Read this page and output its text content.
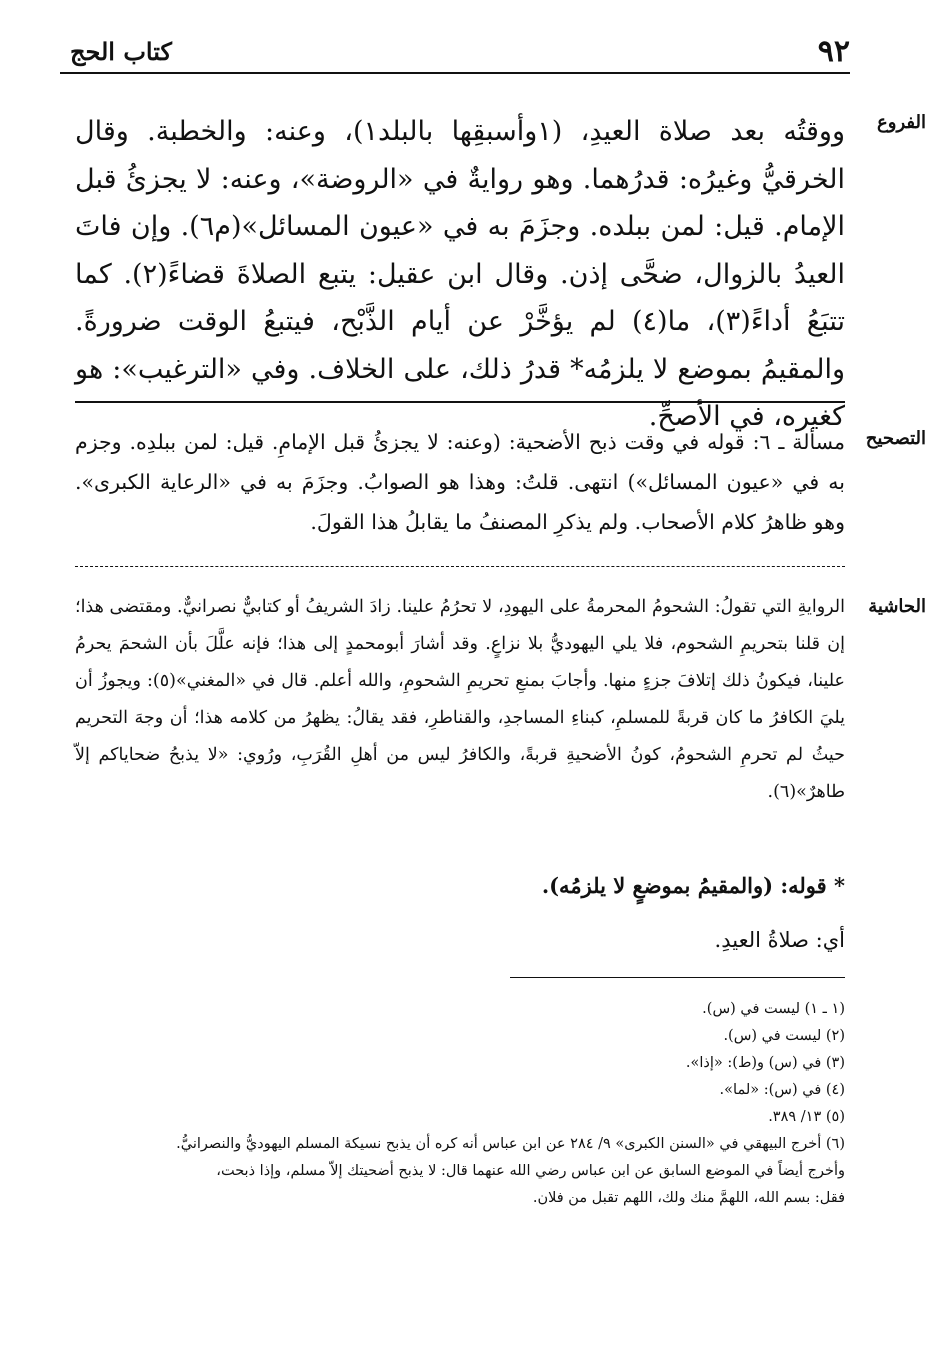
٩٢
كتاب الحج
الفروع

ووقتُه بعد صلاة العيدِ، (١وأسبقِها بالبلد١)، وعنه: والخطبة. وقال الخرقيُّ وغيرُه: قدرُهما. وهو روايةٌ في «الروضة»، وعنه: لا يجزئُ قبل الإمام. قيل: لمن ببلده. وجزَمَ به في «عيون المسائل»(م٦). وإن فاتَ العيدُ بالزوال، ضحَّى إذن. وقال ابن عقيل: يتبع الصلاةَ قضاءً(٢). كما تتبَعُ أداءً(٣)، ما(٤) لم يؤخَّرْ عن أيام الذَّبْح، فيتبعُ الوقت ضرورةً. والمقيمُ بموضع لا يلزمُه* قدرُ ذلك، على الخلاف. وفي «الترغيب»: هو كغيره، في الأصحِّ.

التصحيح

مسألة ـ ٦: قوله في وقت ذبح الأضحية: (وعنه: لا يجزئُ قبل الإمامِ. قيل: لمن ببلدِه. وجزم به في «عيون المسائل») انتهى. قلتُ: وهذا هو الصوابُ. وجزَمَ به في «الرعاية الكبرى». وهو ظاهرُ كلام الأصحاب. ولم يذكرِ المصنفُ ما يقابلُ هذا القولَ.

الحاشية

الروايةِ التي تقولُ: الشحومُ المحرمةُ على اليهودِ، لا تحرُمُ علينا. زادَ الشريفُ أو كتابيٌّ نصرانيٌّ. ومقتضى هذا؛ إن قلنا بتحريمِ الشحوم، فلا يلي اليهوديُّ بلا نزاعٍ. وقد أشارَ أبومحمدٍ إلى هذا؛ فإنه علَّلَ بأن الشحمَ يحرمُ علينا، فيكونُ ذلك إتلافَ جزءٍ منها. وأجابَ بمنعِ تحريمِ الشحومِ، والله أعلم. قال في «المغني»(٥): ويجوزُ أن يليَ الكافرُ ما كان قربةً للمسلمِ، كبناءِ المساجدِ، والقناطرِ، فقد يقالُ: يظهرُ من كلامه هذا؛ أن وجهَ التحريم حيثُ لم تحرمِ الشحومُ، كونُ الأضحيةِ قربةً، والكافرُ ليس من أهلِ القُرَبِ، ورُوي: «لا يذبحُ ضحاياكم إلاّ طاهرٌ»(٦).

* قوله: (والمقيمُ بموضعٍ لا يلزمُه).

أي: صلاةُ العيدِ.

(١ ـ ١) ليست في (س).
(٢) ليست في (س).
(٣) في (س) و(ط): «إذا».
(٤) في (س): «لما».
(٥) ١٣/ ٣٨٩.
(٦) أخرج البيهقي في «السنن الكبرى» ٩/ ٢٨٤ عن ابن عباس أنه كره أن يذبح نسيكة المسلم اليهوديُّ والنصرانيُّ.
وأخرج أيضاً في الموضع السابق عن ابن عباس رضي الله عنهما قال: لا يذبح أضحيتك إلاّ مسلم، وإذا ذبحت،
فقل: بسم الله، اللهمَّ منك ولك، اللهم تقبل من فلان.
